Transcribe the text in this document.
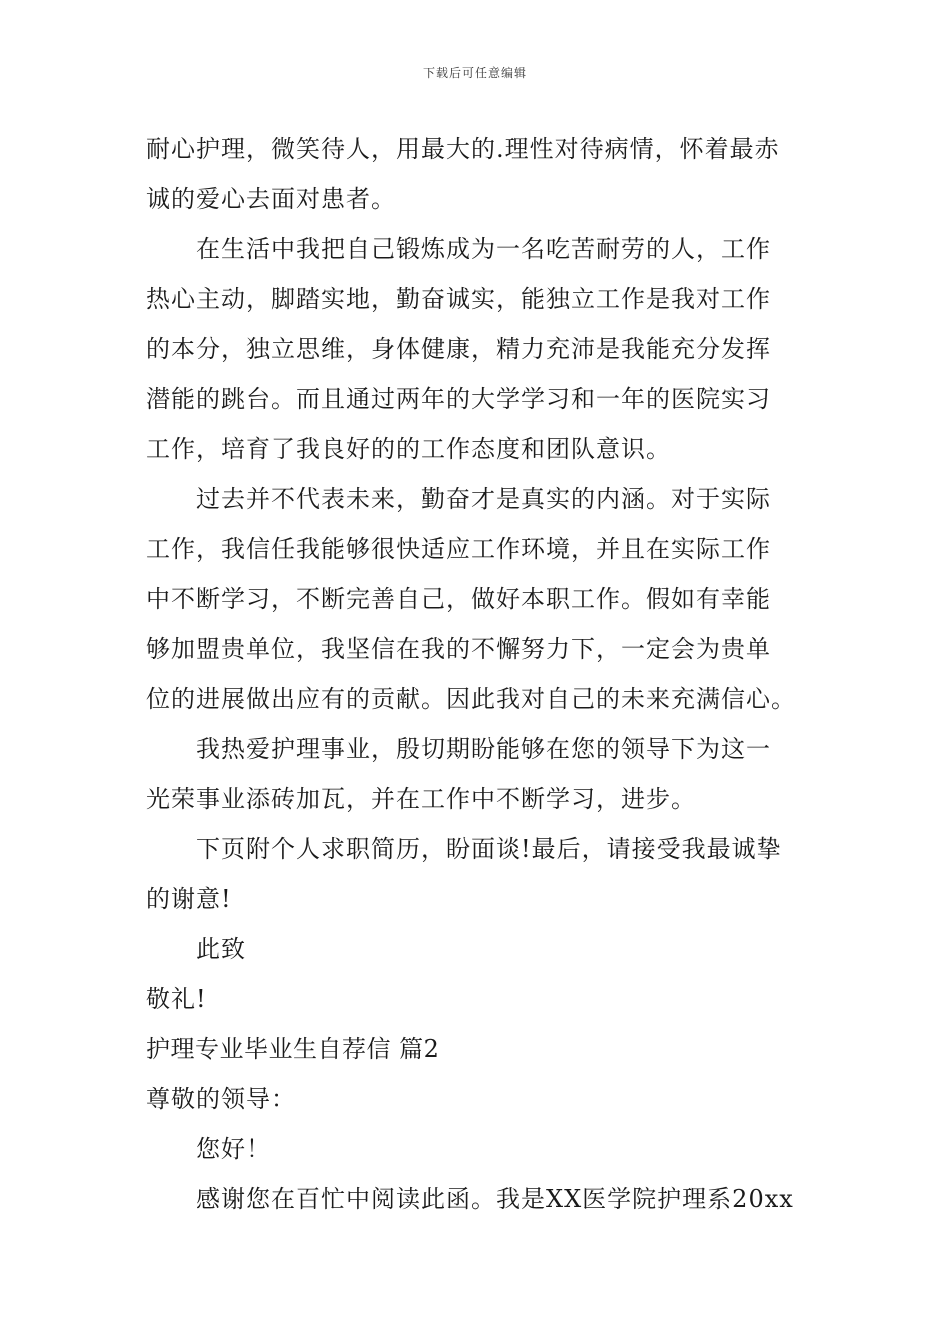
下载后可任意编辑
耐心护理，微笑待人，用最大的.理性对待病情，怀着最赤
诚的爱心去面对患者。
在生活中我把自己锻炼成为一名吃苦耐劳的人，工作
热心主动，脚踏实地，勤奋诚实，能独立工作是我对工作
的本分，独立思维，身体健康，精力充沛是我能充分发挥
潜能的跳台。而且通过两年的大学学习和一年的医院实习
工作，培育了我良好的的工作态度和团队意识。
过去并不代表未来，勤奋才是真实的内涵。对于实际
工作，我信任我能够很快适应工作环境，并且在实际工作
中不断学习，不断完善自己，做好本职工作。假如有幸能
够加盟贵单位，我坚信在我的不懈努力下，一定会为贵单
位的进展做出应有的贡献。因此我对自己的未来充满信心。
我热爱护理事业，殷切期盼能够在您的领导下为这一
光荣事业添砖加瓦，并在工作中不断学习，进步。
下页附个人求职简历，盼面谈!最后，请接受我最诚挚
的谢意!
此致
敬礼!
护理专业毕业生自荐信 篇2
尊敬的领导：
您好！
感谢您在百忙中阅读此函。我是XX医学院护理系20xx
